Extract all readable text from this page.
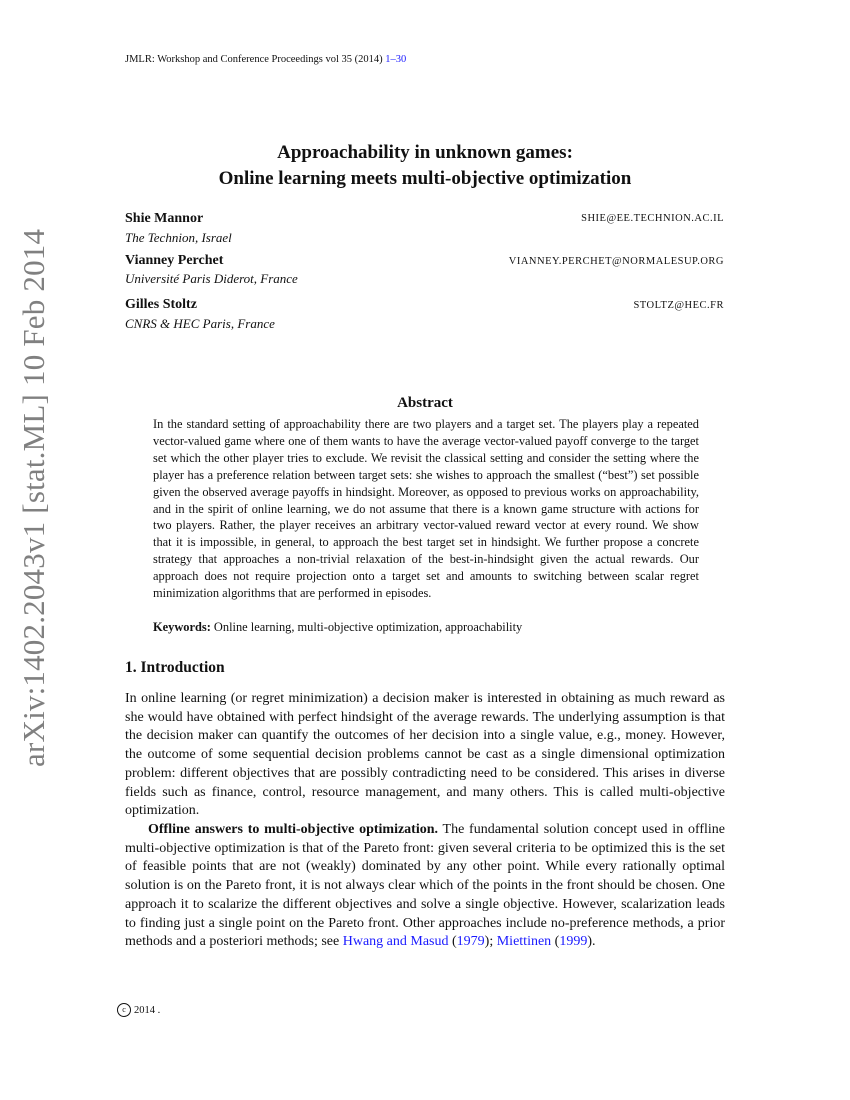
arXiv:1402.2043v1 [stat.ML] 10 Feb 2014
JMLR: Workshop and Conference Proceedings vol 35 (2014) 1–30
Approachability in unknown games:
Online learning meets multi-objective optimization
Shie Mannor	SHIE@EE.TECHNION.AC.IL
The Technion, Israel
Vianney Perchet	VIANNEY.PERCHET@NORMALESUP.ORG
Université Paris Diderot, France
Gilles Stoltz	STOLTZ@HEC.FR
CNRS & HEC Paris, France
Abstract
In the standard setting of approachability there are two players and a target set. The players play a repeated vector-valued game where one of them wants to have the average vector-valued payoff converge to the target set which the other player tries to exclude. We revisit the classical setting and consider the setting where the player has a preference relation between target sets: she wishes to approach the smallest (“best”) set possible given the observed average payoffs in hindsight. Moreover, as opposed to previous works on approachability, and in the spirit of online learning, we do not assume that there is a known game structure with actions for two players. Rather, the player receives an arbitrary vector-valued reward vector at every round. We show that it is impossible, in general, to approach the best target set in hindsight. We further propose a concrete strategy that approaches a non-trivial relaxation of the best-in-hindsight given the actual rewards. Our approach does not require projection onto a target set and amounts to switching between scalar regret minimization algorithms that are performed in episodes.
Keywords: Online learning, multi-objective optimization, approachability
1. Introduction
In online learning (or regret minimization) a decision maker is interested in obtaining as much reward as she would have obtained with perfect hindsight of the average rewards. The underlying assumption is that the decision maker can quantify the outcomes of her decision into a single value, e.g., money. However, the outcome of some sequential decision problems cannot be cast as a single dimensional optimization problem: different objectives that are possibly contradicting need to be considered. This arises in diverse fields such as finance, control, resource management, and many others. This is called multi-objective optimization.
Offline answers to multi-objective optimization. The fundamental solution concept used in offline multi-objective optimization is that of the Pareto front: given several criteria to be optimized this is the set of feasible points that are not (weakly) dominated by any other point. While every rationally optimal solution is on the Pareto front, it is not always clear which of the points in the front should be chosen. One approach it to scalarize the different objectives and solve a single objective. However, scalarization leads to finding just a single point on the Pareto front. Other approaches include no-preference methods, a prior methods and a posteriori methods; see Hwang and Masud (1979); Miettinen (1999).
c 2014 .
